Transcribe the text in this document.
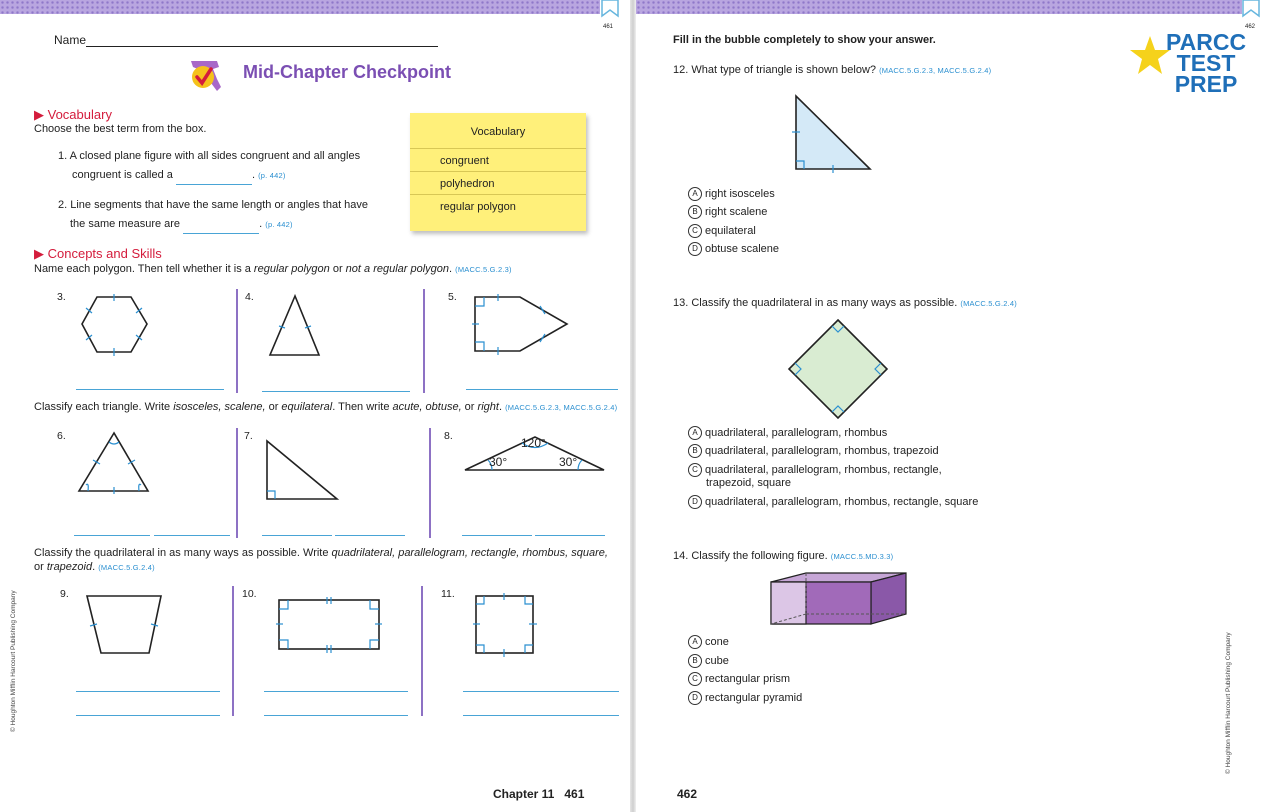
461
Name
Mid-Chapter Checkpoint
▶ Vocabulary
Choose the best term from the box.
1. A closed plane figure with all sides congruent and all angles
congruent is called a	. (p. 442)
2. Line segments that have the same length or angles that have
the same measure are	. (p. 442)
Vocabulary
congruent
polyhedron
regular polygon
▶ Concepts and Skills
Name each polygon. Then tell whether it is a regular polygon or not a regular polygon. (MACC.5.G.2.3)
3.	4.	5.
Classify each triangle. Write isosceles, scalene, or equilateral. Then write acute, obtuse, or right. (MACC.5.G.2.3, MACC.5.G.2.4)
6.	7.	8.	120°
30°	30°
Classify the quadrilateral in as many ways as possible. Write quadrilateral, parallelogram, rectangle, rhombus, square,
or trapezoid. (MACC.5.G.2.4)
9.	10.	11.
© Houghton Mifflin Harcourt Publishing Company
Chapter 11 461
462
PARCC
TEST
PREP
Fill in the bubble completely to show your answer.
12. What type of triangle is shown below? (MACC.5.G.2.3, MACC.5.G.2.4)
A right isosceles
B right scalene
C equilateral
D obtuse scalene
13. Classify the quadrilateral in as many ways as possible. (MACC.5.G.2.4)
A quadrilateral, parallelogram, rhombus
B quadrilateral, parallelogram, rhombus, trapezoid
C quadrilateral, parallelogram, rhombus, rectangle,
trapezoid, square
D quadrilateral, parallelogram, rhombus, rectangle, square
14. Classify the following figure. (MACC.5.MD.3.3)
A cone
B cube
C rectangular prism
D rectangular pyramid	© Houghton Mifflin Harcourt Publishing Company
462
